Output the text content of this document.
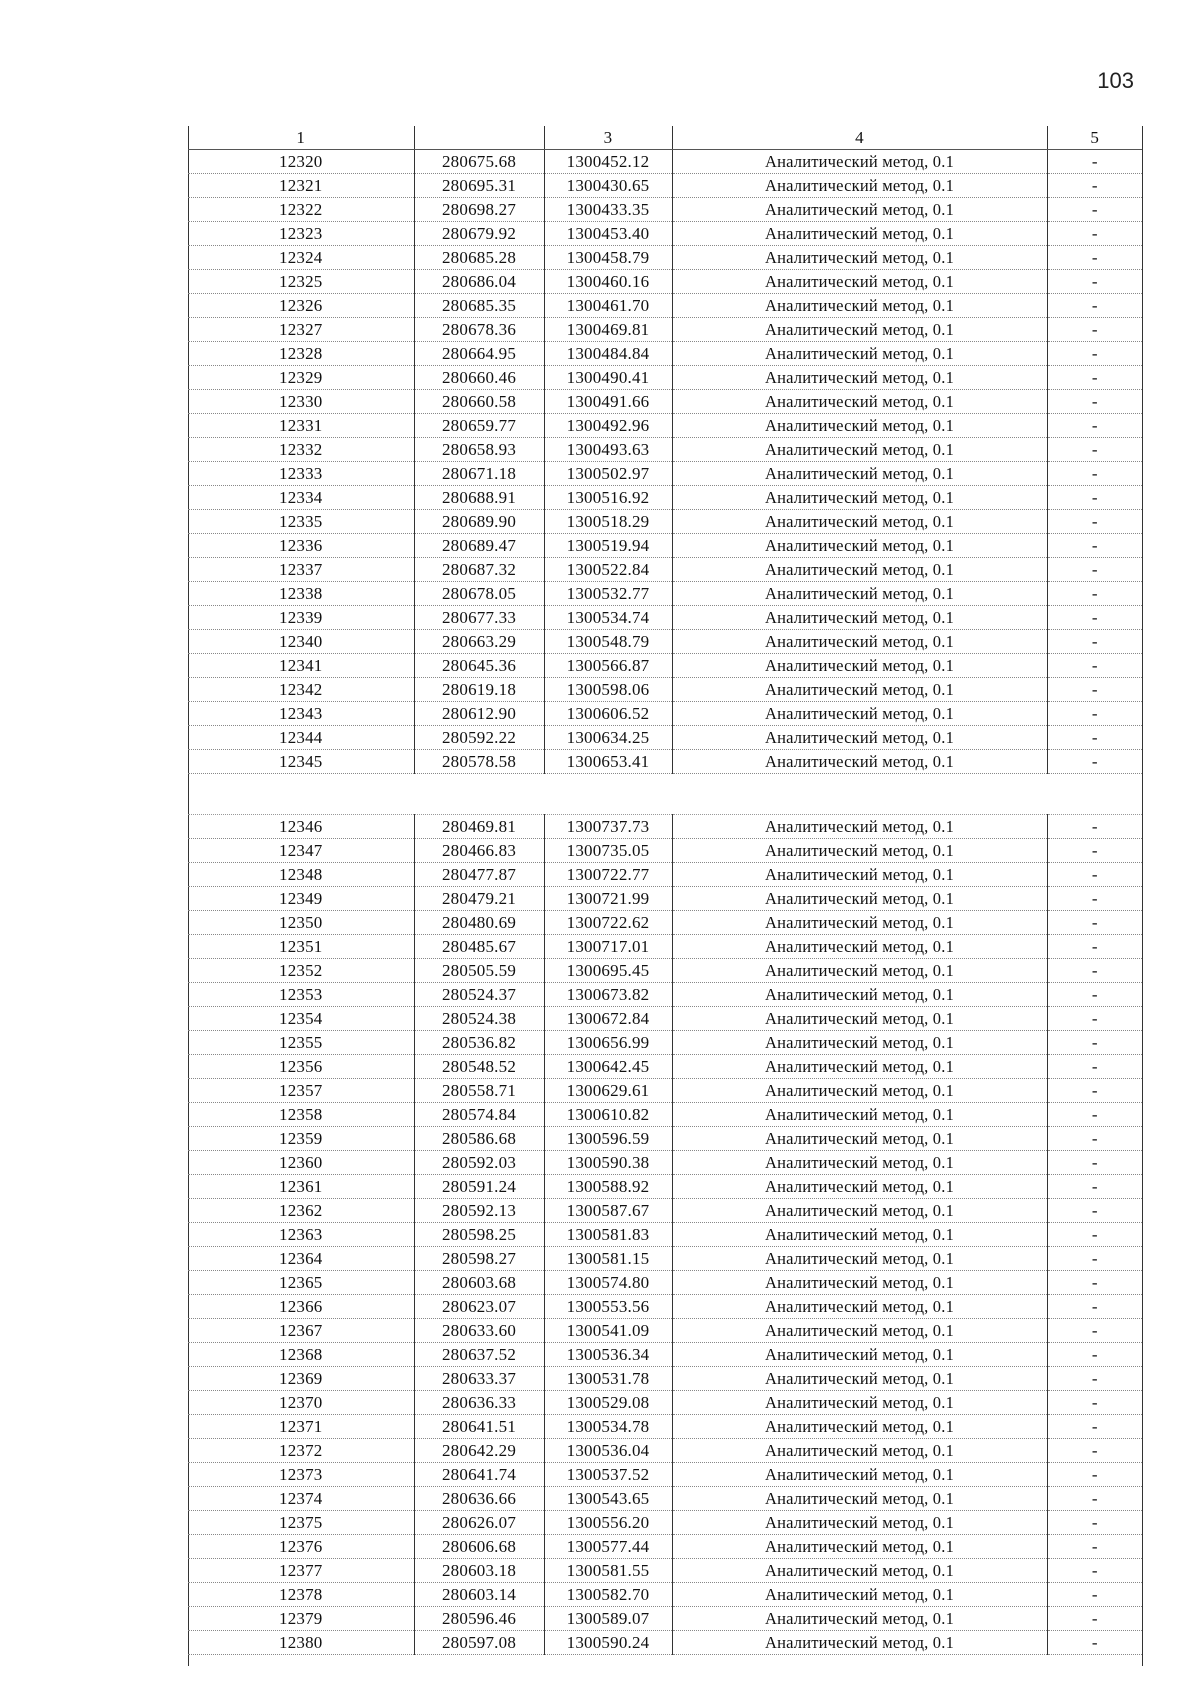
103
1		3	4	5
12320	280675.68	1300452.12	Аналитический метод, 0.1	-
12321	280695.31	1300430.65	Аналитический метод, 0.1	-
12322	280698.27	1300433.35	Аналитический метод, 0.1	-
12323	280679.92	1300453.40	Аналитический метод, 0.1	-
12324	280685.28	1300458.79	Аналитический метод, 0.1	-
12325	280686.04	1300460.16	Аналитический метод, 0.1	-
12326	280685.35	1300461.70	Аналитический метод, 0.1	-
12327	280678.36	1300469.81	Аналитический метод, 0.1	-
12328	280664.95	1300484.84	Аналитический метод, 0.1	-
12329	280660.46	1300490.41	Аналитический метод, 0.1	-
12330	280660.58	1300491.66	Аналитический метод, 0.1	-
12331	280659.77	1300492.96	Аналитический метод, 0.1	-
12332	280658.93	1300493.63	Аналитический метод, 0.1	-
12333	280671.18	1300502.97	Аналитический метод, 0.1	-
12334	280688.91	1300516.92	Аналитический метод, 0.1	-
12335	280689.90	1300518.29	Аналитический метод, 0.1	-
12336	280689.47	1300519.94	Аналитический метод, 0.1	-
12337	280687.32	1300522.84	Аналитический метод, 0.1	-
12338	280678.05	1300532.77	Аналитический метод, 0.1	-
12339	280677.33	1300534.74	Аналитический метод, 0.1	-
12340	280663.29	1300548.79	Аналитический метод, 0.1	-
12341	280645.36	1300566.87	Аналитический метод, 0.1	-
12342	280619.18	1300598.06	Аналитический метод, 0.1	-
12343	280612.90	1300606.52	Аналитический метод, 0.1	-
12344	280592.22	1300634.25	Аналитический метод, 0.1	-
12345	280578.58	1300653.41	Аналитический метод, 0.1	-

12346	280469.81	1300737.73	Аналитический метод, 0.1	-
12347	280466.83	1300735.05	Аналитический метод, 0.1	-
12348	280477.87	1300722.77	Аналитический метод, 0.1	-
12349	280479.21	1300721.99	Аналитический метод, 0.1	-
12350	280480.69	1300722.62	Аналитический метод, 0.1	-
12351	280485.67	1300717.01	Аналитический метод, 0.1	-
12352	280505.59	1300695.45	Аналитический метод, 0.1	-
12353	280524.37	1300673.82	Аналитический метод, 0.1	-
12354	280524.38	1300672.84	Аналитический метод, 0.1	-
12355	280536.82	1300656.99	Аналитический метод, 0.1	-
12356	280548.52	1300642.45	Аналитический метод, 0.1	-
12357	280558.71	1300629.61	Аналитический метод, 0.1	-
12358	280574.84	1300610.82	Аналитический метод, 0.1	-
12359	280586.68	1300596.59	Аналитический метод, 0.1	-
12360	280592.03	1300590.38	Аналитический метод, 0.1	-
12361	280591.24	1300588.92	Аналитический метод, 0.1	-
12362	280592.13	1300587.67	Аналитический метод, 0.1	-
12363	280598.25	1300581.83	Аналитический метод, 0.1	-
12364	280598.27	1300581.15	Аналитический метод, 0.1	-
12365	280603.68	1300574.80	Аналитический метод, 0.1	-
12366	280623.07	1300553.56	Аналитический метод, 0.1	-
12367	280633.60	1300541.09	Аналитический метод, 0.1	-
12368	280637.52	1300536.34	Аналитический метод, 0.1	-
12369	280633.37	1300531.78	Аналитический метод, 0.1	-
12370	280636.33	1300529.08	Аналитический метод, 0.1	-
12371	280641.51	1300534.78	Аналитический метод, 0.1	-
12372	280642.29	1300536.04	Аналитический метод, 0.1	-
12373	280641.74	1300537.52	Аналитический метод, 0.1	-
12374	280636.66	1300543.65	Аналитический метод, 0.1	-
12375	280626.07	1300556.20	Аналитический метод, 0.1	-
12376	280606.68	1300577.44	Аналитический метод, 0.1	-
12377	280603.18	1300581.55	Аналитический метод, 0.1	-
12378	280603.14	1300582.70	Аналитический метод, 0.1	-
12379	280596.46	1300589.07	Аналитический метод, 0.1	-
12380	280597.08	1300590.24	Аналитический метод, 0.1	-
